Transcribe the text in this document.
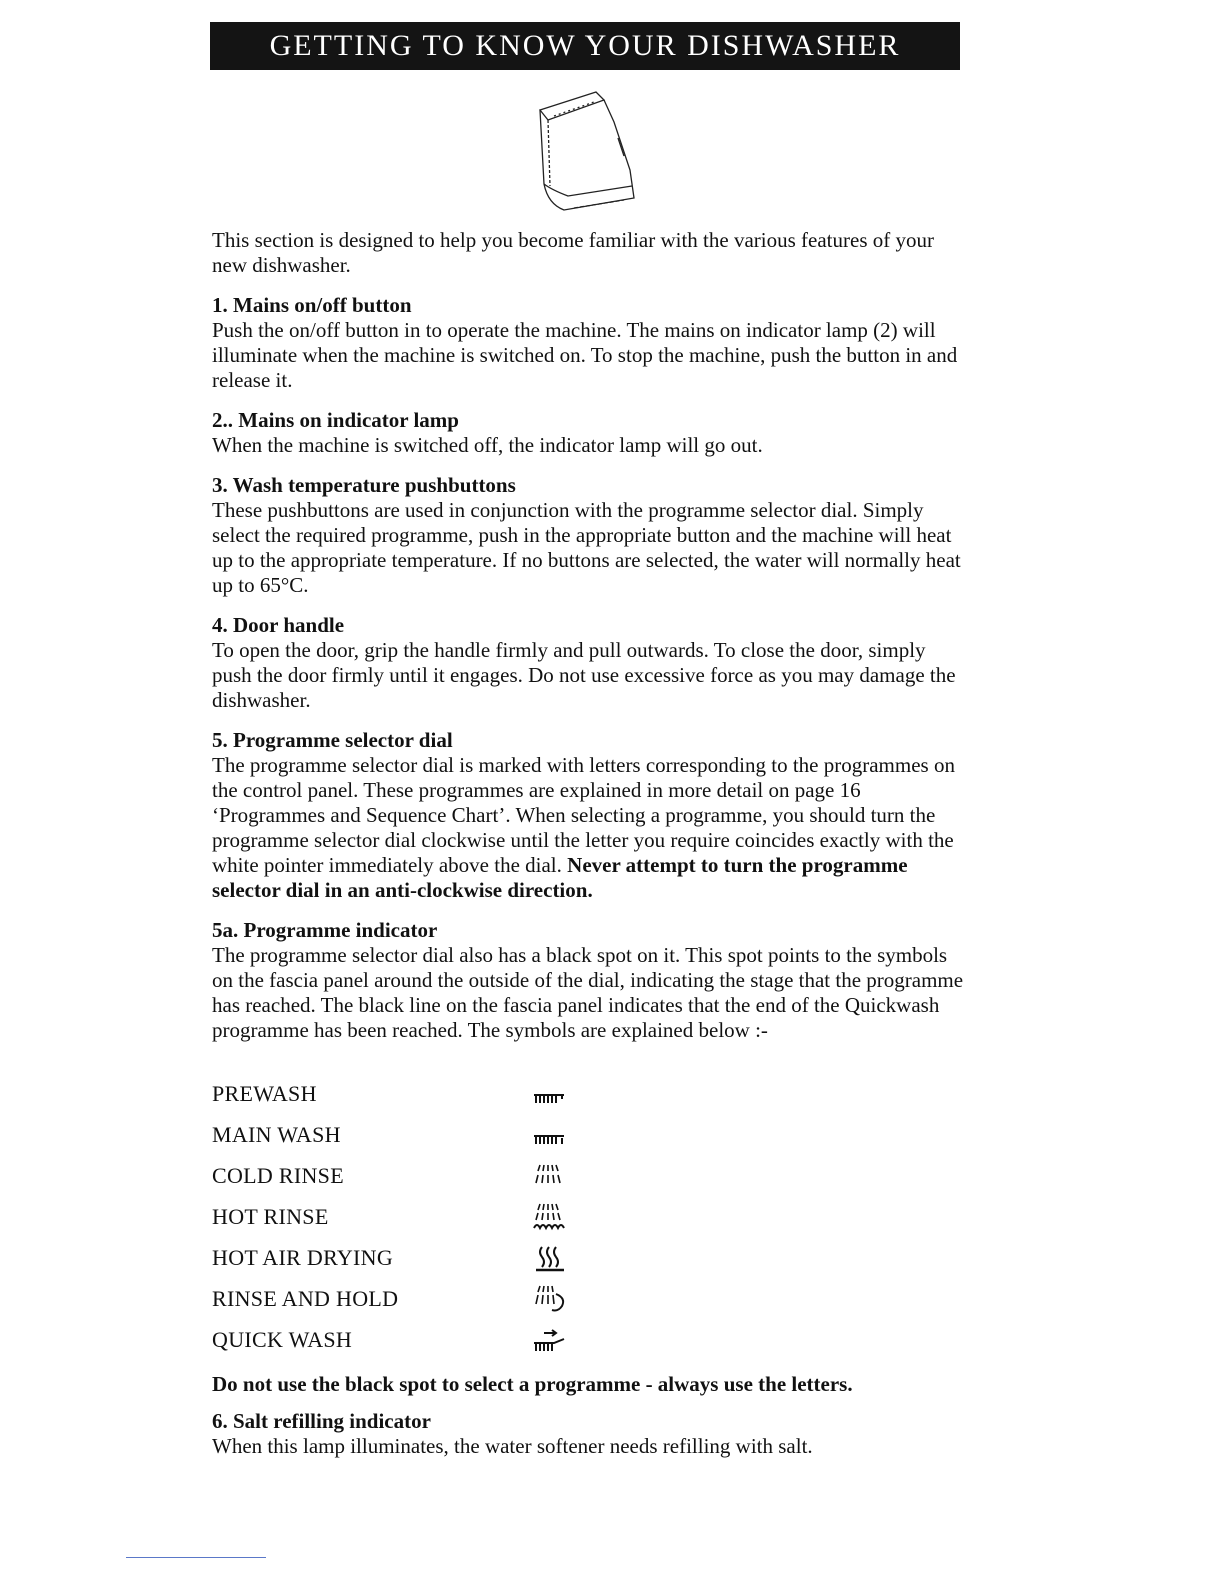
GETTING TO KNOW YOUR DISHWASHER

This section is designed to help you become familiar with the various features of your new dishwasher.

1. Mains on/off button

Push the on/off button in to operate the machine. The mains on indicator lamp (2) will illuminate when the machine is switched on. To stop the machine, push the button in and release it.

2.. Mains on indicator lamp

When the machine is switched off, the indicator lamp will go out.

3. Wash temperature pushbuttons

These pushbuttons are used in conjunction with the programme selector dial. Simply select the required programme, push in the appropriate button and the machine will heat up to the appropriate temperature. If no buttons are selected, the water will normally heat up to 65°C.

4. Door handle

To open the door, grip the handle firmly and pull outwards. To close the door, simply push the door firmly until it engages. Do not use excessive force as you may damage the dishwasher.

5. Programme selector dial

The programme selector dial is marked with letters corresponding to the programmes on the control panel. These programmes are explained in more detail on page 16 ‘Programmes and Sequence Chart’. When selecting a programme, you should turn the programme selector dial clockwise until the letter you require coincides exactly with the white pointer immediately above the dial. Never attempt to turn the programme selector dial in an anti-clockwise direction.

5a. Programme indicator

The programme selector dial also has a black spot on it. This spot points to the symbols on the fascia panel around the outside of the dial, indicating the stage that the programme has reached. The black line on the fascia panel indicates that the end of the Quickwash programme has been reached. The symbols are explained below :-

PREWASH
MAIN WASH
COLD RINSE
HOT RINSE
HOT AIR DRYING
RINSE AND HOLD
QUICK WASH

Do not use the black spot to select a programme - always use the letters.

6. Salt refilling indicator

When this lamp illuminates, the water softener needs refilling with salt.
